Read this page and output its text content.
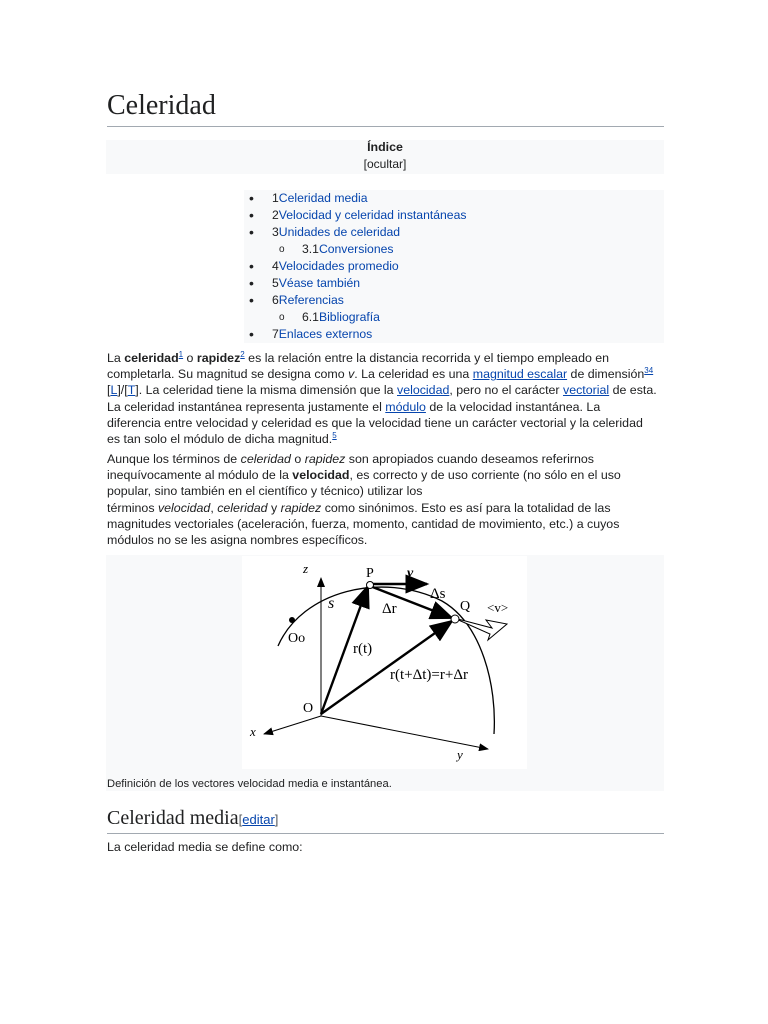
Celeridad
Índice
[ocultar]
• 1Celeridad media
• 2Velocidad y celeridad instantáneas
• 3Unidades de celeridad
o 3.1Conversiones
• 4Velocidades promedio
• 5Véase también
• 6Referencias
o 6.1Bibliografía
• 7Enlaces externos
La celeridad$^1$ o rapidez$^2$ es la relación entre la distancia recorrida y el tiempo empleado en completarla. Su magnitud se designa como v. La celeridad es una magnitud escalar de dimensión$^{34}$ [L]/[T]. La celeridad tiene la misma dimensión que la velocidad, pero no el carácter vectorial de esta. La celeridad instantánea representa justamente el módulo de la velocidad instantánea. La diferencia entre velocidad y celeridad es que la velocidad tiene un carácter vectorial y la celeridad es tan solo el módulo de dicha magnitud.$^5$
Aunque los términos de celeridad o rapidez son apropiados cuando deseamos referirnos inequívocamente al módulo de la velocidad, es correcto y de uso corriente (no sólo en el uso popular, sino también en el científico y técnico) utilizar los
términos velocidad, celeridad y rapidez como sinónimos. Esto es así para la totalidad de las magnitudes vectoriales (aceleración, fuerza, momento, cantidad de movimiento, etc.) a cuyos módulos no se les asigna nombres específicos.
z
x
y
P
Q
O
Oo
s
v
Δs
Δr	<v>
r(t)
r(t+Δt)=r+Δr
Definición de los vectores velocidad media e instantánea.
Celeridad media[editar]
La celeridad media se define como:
